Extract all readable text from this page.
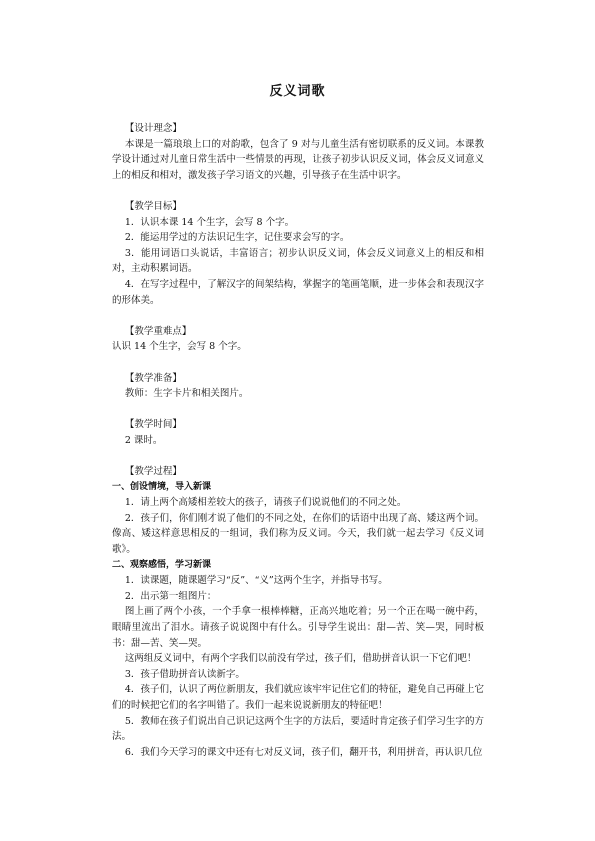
反义词歌

【设计理念】

本课是一篇琅琅上口的对韵歌，包含了 9 对与儿童生活有密切联系的反义词。本课教学设计通过对儿童日常生活中一些情景的再现，让孩子初步认识反义词，体会反义词意义上的相反和相对，激发孩子学习语文的兴趣，引导孩子在生活中识字。

【教学目标】

1．认识本课 14 个生字，会写 8 个字。

2．能运用学过的方法识记生字，记住要求会写的字。

3．能用词语口头说话，丰富语言；初步认识反义词，体会反义词意义上的相反和相对，主动积累词语。

4．在写字过程中，了解汉字的间架结构，掌握字的笔画笔顺，进一步体会和表现汉字的形体美。

【教学重难点】

认识 14 个生字，会写 8 个字。

【教学准备】

教师：生字卡片和相关图片。

【教学时间】

2 课时。

【教学过程】

一、创设情境，导入新课

1．请上两个高矮相差较大的孩子，请孩子们说说他们的不同之处。

2．孩子们，你们刚才说了他们的不同之处，在你们的话语中出现了高、矮这两个词。像高、矮这样意思相反的一组词，我们称为反义词。今天，我们就一起去学习《反义词歌》。

二、观察感悟，学习新课

1．读课题，随课题学习“反”、“义”这两个生字，并指导书写。

2．出示第一组图片：

图上画了两个小孩，一个手拿一根棒棒糖，正高兴地吃着；另一个正在喝一碗中药，眼睛里流出了泪水。请孩子说说图中有什么。引导学生说出：甜—苦、笑—哭，同时板书：甜—苦、笑—哭。

这两组反义词中，有两个字我们以前没有学过，孩子们，借助拼音认识一下它们吧！

3．孩子借助拼音认读新字。

4．孩子们，认识了两位新朋友，我们就应该牢牢记住它们的特征，避免自己再碰上它们的时候把它们的名字叫错了。我们一起来说说新朋友的特征吧！

5．教师在孩子们说出自己识记这两个生字的方法后，要适时肯定孩子们学习生字的方法。

6．我们今天学习的课文中还有七对反义词，孩子们，翻开书，利用拼音，再认识几位
